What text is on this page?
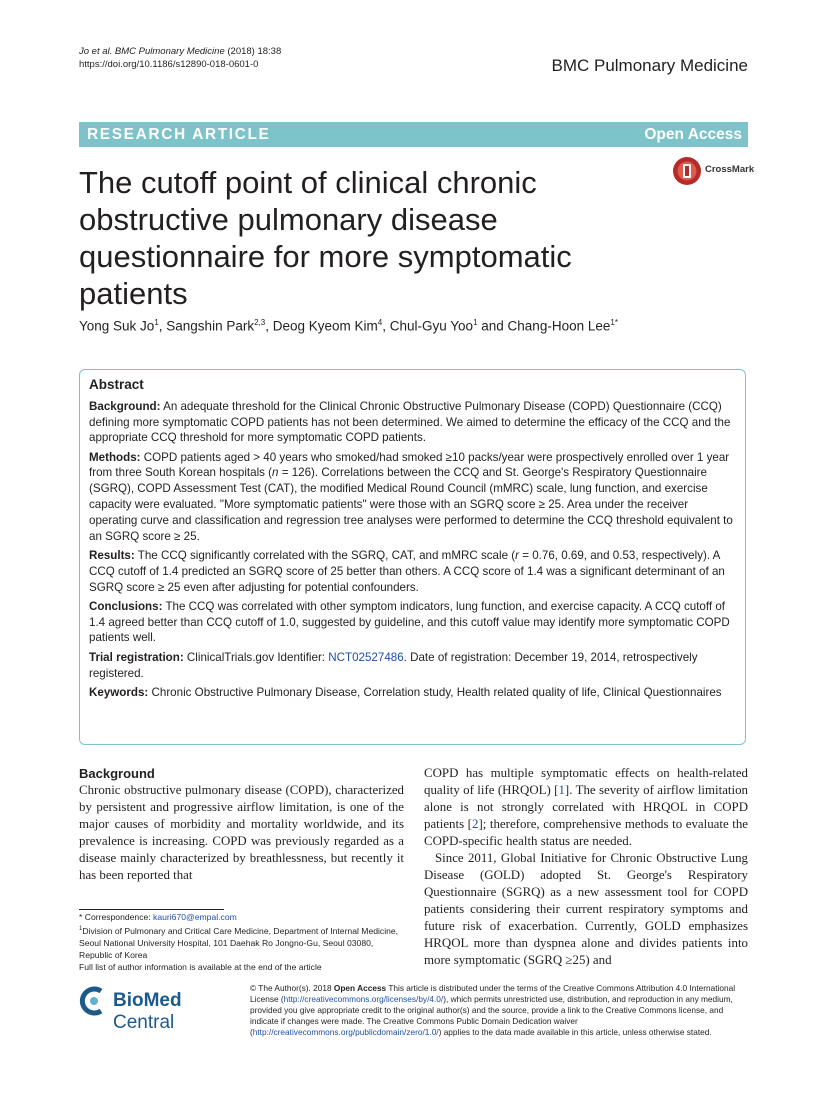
Jo et al. BMC Pulmonary Medicine (2018) 18:38
https://doi.org/10.1186/s12890-018-0601-0	BMC Pulmonary Medicine
RESEARCH ARTICLE	Open Access
The cutoff point of clinical chronic obstructive pulmonary disease questionnaire for more symptomatic patients
CrossMark
Yong Suk Jo$^1$, Sangshin Park$^{2,3}$, Deog Kyeom Kim$^4$, Chul-Gyu Yoo$^1$ and Chang-Hoon Lee$^{1*}$
Abstract

Background: An adequate threshold for the Clinical Chronic Obstructive Pulmonary Disease (COPD) Questionnaire (CCQ) defining more symptomatic COPD patients has not been determined. We aimed to determine the efficacy of the CCQ and the appropriate CCQ threshold for more symptomatic COPD patients.

Methods: COPD patients aged > 40 years who smoked/had smoked ≥10 packs/year were prospectively enrolled over 1 year from three South Korean hospitals (n = 126). Correlations between the CCQ and St. George's Respiratory Questionnaire (SGRQ), COPD Assessment Test (CAT), the modified Medical Round Council (mMRC) scale, lung function, and exercise capacity were evaluated. "More symptomatic patients" were those with an SGRQ score ≥ 25. Area under the receiver operating curve and classification and regression tree analyses were performed to determine the CCQ threshold equivalent to an SGRQ score ≥ 25.

Results: The CCQ significantly correlated with the SGRQ, CAT, and mMRC scale (r = 0.76, 0.69, and 0.53, respectively). A CCQ cutoff of 1.4 predicted an SGRQ score of 25 better than others. A CCQ score of 1.4 was a significant determinant of an SGRQ score ≥ 25 even after adjusting for potential confounders.

Conclusions: The CCQ was correlated with other symptom indicators, lung function, and exercise capacity. A CCQ cutoff of 1.4 agreed better than CCQ cutoff of 1.0, suggested by guideline, and this cutoff value may identify more symptomatic COPD patients well.

Trial registration: ClinicalTrials.gov Identifier: NCT02527486. Date of registration: December 19, 2014, retrospectively registered.

Keywords: Chronic Obstructive Pulmonary Disease, Correlation study, Health related quality of life, Clinical Questionnaires

Background

Chronic obstructive pulmonary disease (COPD), characterized by persistent and progressive airflow limitation, is one of the major causes of morbidity and mortality worldwide, and its prevalence is increasing. COPD was previously regarded as a disease mainly characterized by breathlessness, but recently it has been reported that

COPD has multiple symptomatic effects on health-related quality of life (HRQOL) [1]. The severity of airflow limitation alone is not strongly correlated with HRQOL in COPD patients [2]; therefore, comprehensive methods to evaluate the COPD-specific health status are needed.

Since 2011, Global Initiative for Chronic Obstructive Lung Disease (GOLD) adopted St. George's Respiratory Questionnaire (SGRQ) as a new assessment tool for COPD patients considering their current respiratory symptoms and future risk of exacerbation. Currently, GOLD emphasizes HRQOL more than dyspnea alone and divides patients into more symptomatic (SGRQ ≥25) and

* Correspondence: kauri670@empal.com
$^1$Division of Pulmonary and Critical Care Medicine, Department of Internal Medicine, Seoul National University Hospital, 101 Daehak Ro Jongno-Gu, Seoul 03080, Republic of Korea
Full list of author information is available at the end of the article
BioMed Central
© The Author(s). 2018 Open Access This article is distributed under the terms of the Creative Commons Attribution 4.0 International License (http://creativecommons.org/licenses/by/4.0/), which permits unrestricted use, distribution, and reproduction in any medium, provided you give appropriate credit to the original author(s) and the source, provide a link to the Creative Commons license, and indicate if changes were made. The Creative Commons Public Domain Dedication waiver (http://creativecommons.org/publicdomain/zero/1.0/) applies to the data made available in this article, unless otherwise stated.
